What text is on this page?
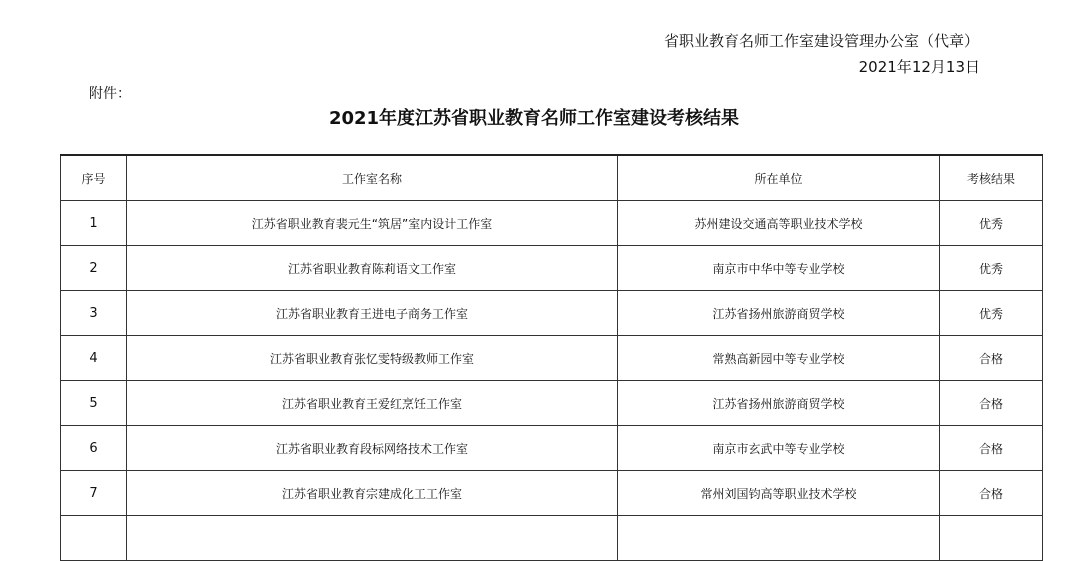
省职业教育名师工作室建设管理办公室（代章）
2021年12月13日
附件：
2021年度江苏省职业教育名师工作室建设考核结果
序号	工作室名称	所在单位	考核结果
1	江苏省职业教育裴元生“筑居”室内设计工作室	苏州建设交通高等职业技术学校	优秀
2	江苏省职业教育陈莉语文工作室	南京市中华中等专业学校	优秀
3	江苏省职业教育王进电子商务工作室	江苏省扬州旅游商贸学校	优秀
4	江苏省职业教育张忆雯特级教师工作室	常熟高新园中等专业学校	合格
5	江苏省职业教育王爱红烹饪工作室	江苏省扬州旅游商贸学校	合格
6	江苏省职业教育段标网络技术工作室	南京市玄武中等专业学校	合格
7	江苏省职业教育宗建成化工工作室	常州刘国钧高等职业技术学校	合格
